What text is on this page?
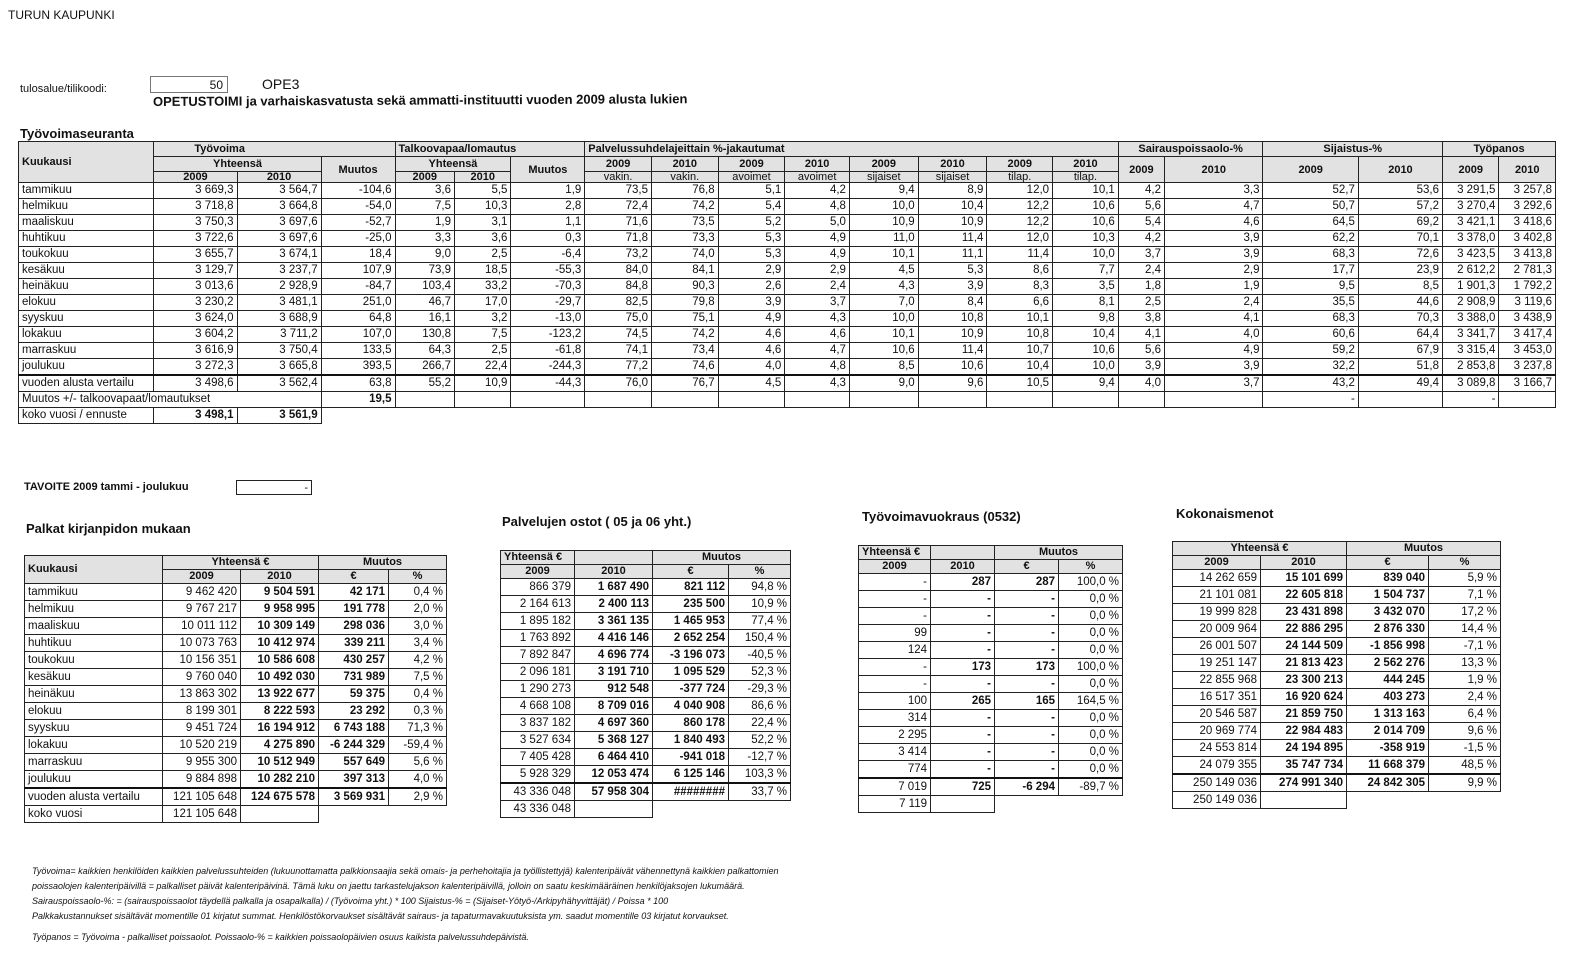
TURUN KAUPUNKI
tulosalue/tilikoodi:	50	OPE3
OPETUSTOIMI ja varhaiskasvatusta sekä ammatti-instituutti vuoden 2009 alusta lukien
Työvoimaseuranta
Kuukausi	Työvoima			Talkoovapaa/lomautus			Palvelussuhdelajeittain %-jakautumat								Sairauspoissaolo-%		Sijaistus-%		Työpanos	
	Yhteensä		Muutos	Yhteensä		Muutos	2009	2010	2009	2010	2009	2010	2009	2010	2009	2010	2009	2010	2009	2010
	2009	2010		2009	2010		vakin.	vakin.	avoimet	avoimet	sijaiset	sijaiset	tilap.	tilap.						
tammikuu	3 669,3	3 564,7	-104,6	3,6	5,5	1,9	73,5	76,8	5,1	4,2	9,4	8,9	12,0	10,1	4,2	3,3	52,7	53,6	3 291,5	3 257,8
helmikuu	3 718,8	3 664,8	-54,0	7,5	10,3	2,8	72,4	74,2	5,4	4,8	10,0	10,4	12,2	10,6	5,6	4,7	50,7	57,2	3 270,4	3 292,6
maaliskuu	3 750,3	3 697,6	-52,7	1,9	3,1	1,1	71,6	73,5	5,2	5,0	10,9	10,9	12,2	10,6	5,4	4,6	64,5	69,2	3 421,1	3 418,6
huhtikuu	3 722,6	3 697,6	-25,0	3,3	3,6	0,3	71,8	73,3	5,3	4,9	11,0	11,4	12,0	10,3	4,2	3,9	62,2	70,1	3 378,0	3 402,8
toukokuu	3 655,7	3 674,1	18,4	9,0	2,5	-6,4	73,2	74,0	5,3	4,9	10,1	11,1	11,4	10,0	3,7	3,9	68,3	72,6	3 423,5	3 413,8
kesäkuu	3 129,7	3 237,7	107,9	73,9	18,5	-55,3	84,0	84,1	2,9	2,9	4,5	5,3	8,6	7,7	2,4	2,9	17,7	23,9	2 612,2	2 781,3
heinäkuu	3 013,6	2 928,9	-84,7	103,4	33,2	-70,3	84,8	90,3	2,6	2,4	4,3	3,9	8,3	3,5	1,8	1,9	9,5	8,5	1 901,3	1 792,2
elokuu	3 230,2	3 481,1	251,0	46,7	17,0	-29,7	82,5	79,8	3,9	3,7	7,0	8,4	6,6	8,1	2,5	2,4	35,5	44,6	2 908,9	3 119,6
syyskuu	3 624,0	3 688,9	64,8	16,1	3,2	-13,0	75,0	75,1	4,9	4,3	10,0	10,8	10,1	9,8	3,8	4,1	68,3	70,3	3 388,0	3 438,9
lokakuu	3 604,2	3 711,2	107,0	130,8	7,5	-123,2	74,5	74,2	4,6	4,6	10,1	10,9	10,8	10,4	4,1	4,0	60,6	64,4	3 341,7	3 417,4
marraskuu	3 616,9	3 750,4	133,5	64,3	2,5	-61,8	74,1	73,4	4,6	4,7	10,6	11,4	10,7	10,6	5,6	4,9	59,2	67,9	3 315,4	3 453,0
joulukuu	3 272,3	3 665,8	393,5	266,7	22,4	-244,3	77,2	74,6	4,0	4,8	8,5	10,6	10,4	10,0	3,9	3,9	32,2	51,8	2 853,8	3 237,8
vuoden alusta vertailu	3 498,6	3 562,4	63,8	55,2	10,9	-44,3	76,0	76,7	4,5	4,3	9,0	9,6	10,5	9,4	4,0	3,7	43,2	49,4	3 089,8	3 166,7
Muutos +/- talkoovapaat/lomautukset			19,5														-		-	
koko vuosi / ennuste	3 498,1	3 561,9																		
TAVOITE 2009 tammi - joulukuu	-
Palkat kirjanpidon mukaan
Kuukausi	Yhteensä €		Muutos	
	2009	2010	€	%
tammikuu	9 462 420	9 504 591	42 171	0,4 %
helmikuu	9 767 217	9 958 995	191 778	2,0 %
maaliskuu	10 011 112	10 309 149	298 036	3,0 %
huhtikuu	10 073 763	10 412 974	339 211	3,4 %
toukokuu	10 156 351	10 586 608	430 257	4,2 %
kesäkuu	9 760 040	10 492 030	731 989	7,5 %
heinäkuu	13 863 302	13 922 677	59 375	0,4 %
elokuu	8 199 301	8 222 593	23 292	0,3 %
syyskuu	9 451 724	16 194 912	6 743 188	71,3 %
lokakuu	10 520 219	4 275 890	-6 244 329	-59,4 %
marraskuu	9 955 300	10 512 949	557 649	5,6 %
joulukuu	9 884 898	10 282 210	397 313	4,0 %
vuoden alusta vertailu	121 105 648	124 675 578	3 569 931	2,9 %
koko vuosi	121 105 648			
Palvelujen ostot ( 05 ja 06 yht.)
Yhteensä €		Muutos	
2009	2010	€	%
866 379	1 687 490	821 112	94,8 %
2 164 613	2 400 113	235 500	10,9 %
1 895 182	3 361 135	1 465 953	77,4 %
1 763 892	4 416 146	2 652 254	150,4 %
7 892 847	4 696 774	-3 196 073	-40,5 %
2 096 181	3 191 710	1 095 529	52,3 %
1 290 273	912 548	-377 724	-29,3 %
4 668 108	8 709 016	4 040 908	86,6 %
3 837 182	4 697 360	860 178	22,4 %
3 527 634	5 368 127	1 840 493	52,2 %
7 405 428	6 464 410	-941 018	-12,7 %
5 928 329	12 053 474	6 125 146	103,3 %
43 336 048	57 958 304	########	33,7 %
43 336 048			
Työvoimavuokraus (0532)
Yhteensä €		Muutos	
2009	2010	€	%
-	287	287	100,0 %
-	-	-	0,0 %
-	-	-	0,0 %
99	-	-	0,0 %
124	-	-	0,0 %
-	173	173	100,0 %
-	-	-	0,0 %
100	265	165	164,5 %
314	-	-	0,0 %
2 295	-	-	0,0 %
3 414	-	-	0,0 %
774	-	-	0,0 %
7 019	725	-6 294	-89,7 %
7 119			
Kokonaismenot
Yhteensä €		Muutos	
2009	2010	€	%
14 262 659	15 101 699	839 040	5,9 %
21 101 081	22 605 818	1 504 737	7,1 %
19 999 828	23 431 898	3 432 070	17,2 %
20 009 964	22 886 295	2 876 330	14,4 %
26 001 507	24 144 509	-1 856 998	-7,1 %
19 251 147	21 813 423	2 562 276	13,3 %
22 855 968	23 300 213	444 245	1,9 %
16 517 351	16 920 624	403 273	2,4 %
20 546 587	21 859 750	1 313 163	6,4 %
20 969 774	22 984 483	2 014 709	9,6 %
24 553 814	24 194 895	-358 919	-1,5 %
24 079 355	35 747 734	11 668 379	48,5 %
250 149 036	274 991 340	24 842 305	9,9 %
250 149 036			
Työvoima= kaikkien henkilöiden kaikkien palvelussuhteiden (lukuunottamatta palkkionsaajia sekä omais- ja perhehoitajia ja työllistettyjä) kalenteripäivät vähennettynä kaikkien palkattomien
poissaolojen kalenteripäivillä = palkalliset päivät kalenteripäivinä. Tämä luku on jaettu tarkastelujakson kalenteripäivillä, jolloin on saatu keskimääräinen henkilöjaksojen lukumäärä.
Sairauspoissaolo-%: = (sairauspoissaolot täydellä palkalla ja osapalkalla) / (Työvoima yht.) * 100 Sijaistus-% = (Sijaiset-Yötyö-/Arkipyhähyvittäjät) / Poissa * 100
Palkkakustannukset sisältävät momentille 01 kirjatut summat. Henkilöstökorvaukset sisältävät sairaus- ja tapaturmavakuutuksista ym. saadut momentille 03 kirjatut korvaukset.
Työpanos = Työvoima - palkalliset poissaolot. Poissaolo-% = kaikkien poissaolopäivien osuus kaikista palvelussuhdepäivistä.
